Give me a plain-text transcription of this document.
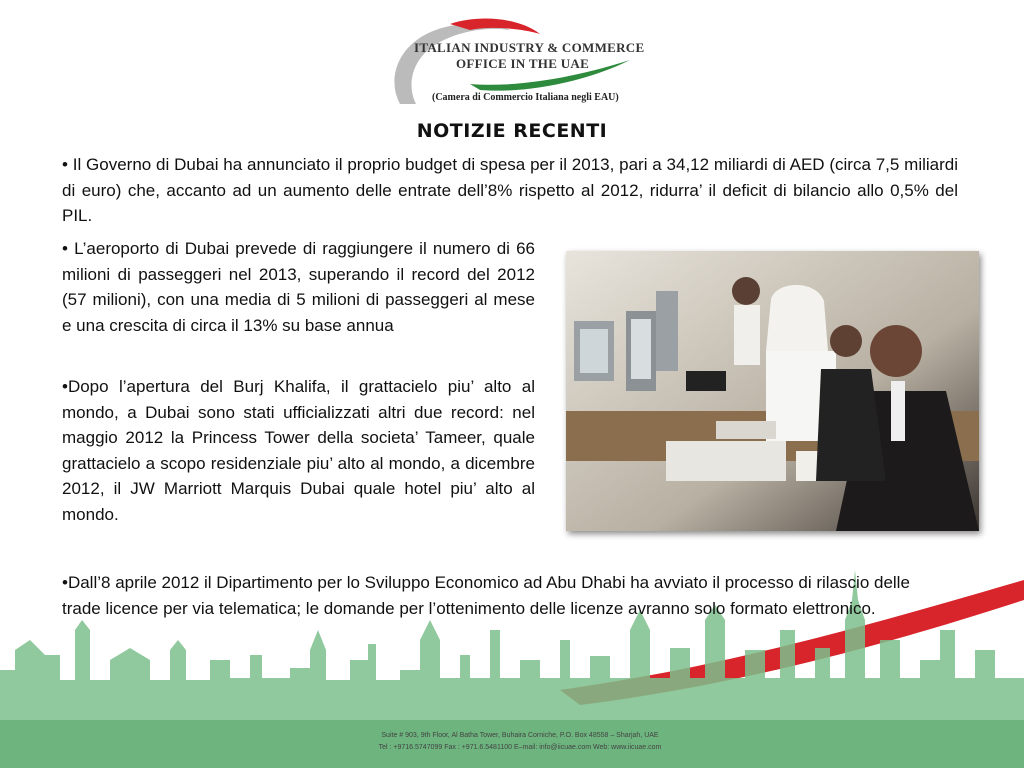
ITALIAN INDUSTRY & COMMERCE
OFFICE IN THE UAE
(Camera di Commercio Italiana negli EAU)
NOTIZIE RECENTI
• Il Governo di Dubai ha annunciato il proprio budget di spesa per il 2013, pari a 34,12 miliardi di AED (circa 7,5 miliardi di euro) che, accanto ad un aumento delle entrate dell’8% rispetto al 2012, ridurra’ il deficit di bilancio allo 0,5% del PIL.
• L’aeroporto di Dubai prevede di raggiungere il numero di 66 milioni di passeggeri nel 2013, superando il record del 2012 (57 milioni), con una media di 5 milioni di passeggeri al mese e una crescita di circa il 13% su base annua
•Dopo l’apertura del Burj Khalifa, il grattacielo piu’ alto al mondo, a Dubai sono stati ufficializzati altri due record: nel maggio 2012 la Princess Tower della societa’ Tameer, quale grattacielo a scopo residenziale piu’ alto al mondo, a dicembre 2012, il JW Marriott Marquis Dubai quale hotel piu’ alto al mondo.
•Dall’8 aprile 2012 il Dipartimento per lo Sviluppo Economico ad Abu Dhabi ha avviato il processo di rilascio delle trade licence per via telematica; le domande per l’ottenimento delle licenze avranno solo formato elettronico.
Suite # 903, 9th Floor, Al Batha Tower, Buhaira Corniche, P.O. Box 48558 – Sharjah, UAE
Tel : +9716.5747099 Fax : +971.6.5481100 E–mail: info@iicuae.com Web: www.iicuae.com
